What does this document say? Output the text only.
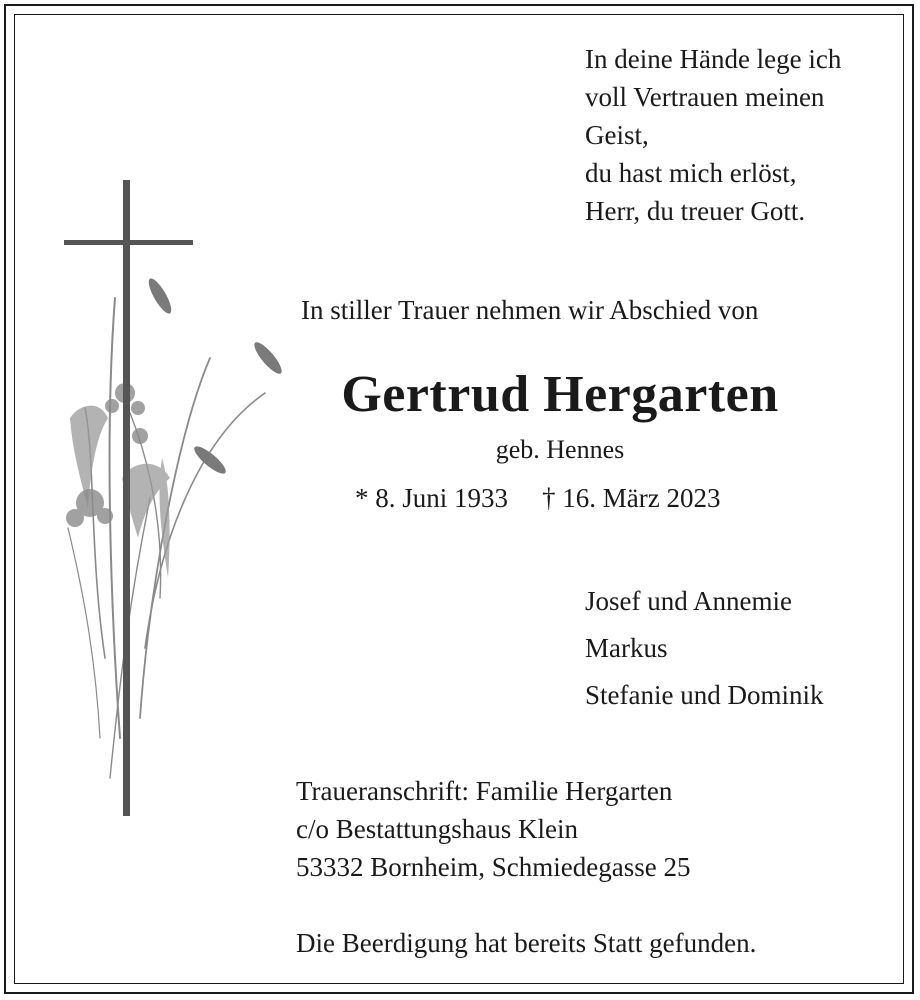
In deine Hände lege ich
voll Vertrauen meinen
Geist,
du hast mich erlöst,
Herr, du treuer Gott.
In stiller Trauer nehmen wir Abschied von
Gertrud Hergarten
geb. Hennes
* 8. Juni 1933 † 16. März 2023
Josef und Annemie
Markus
Stefanie und Dominik
Traueranschrift: Familie Hergarten
c/o Bestattungshaus Klein
53332 Bornheim, Schmiedegasse 25
Die Beerdigung hat bereits Statt gefunden.
